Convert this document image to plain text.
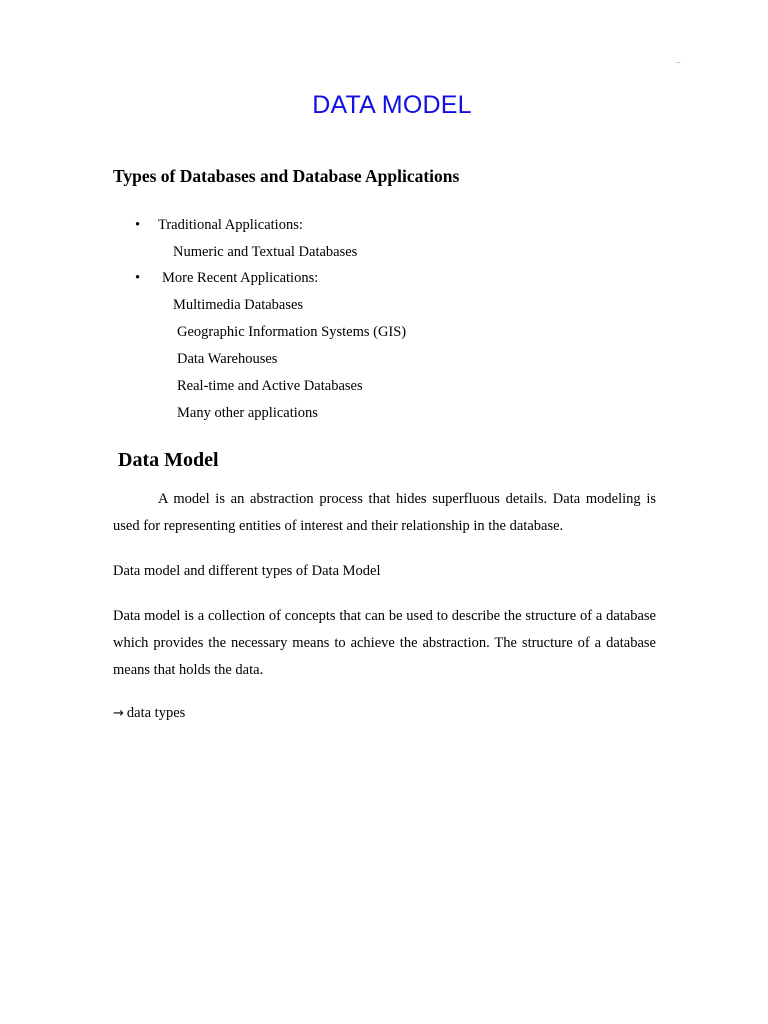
–
DATA MODEL
Types of Databases and Database Applications
• Traditional Applications:
Numeric and Textual Databases
• More Recent Applications:
Multimedia Databases
Geographic Information Systems (GIS)
Data Warehouses
Real-time and Active Databases
Many other applications
Data Model
A model is an abstraction process that hides superfluous details. Data modeling is used for representing entities of interest and their relationship in the database.
Data model and different types of Data Model
Data model is a collection of concepts that can be used to describe the structure of a database which provides the necessary means to achieve the abstraction. The structure of a database means that holds the data.
→ data types
